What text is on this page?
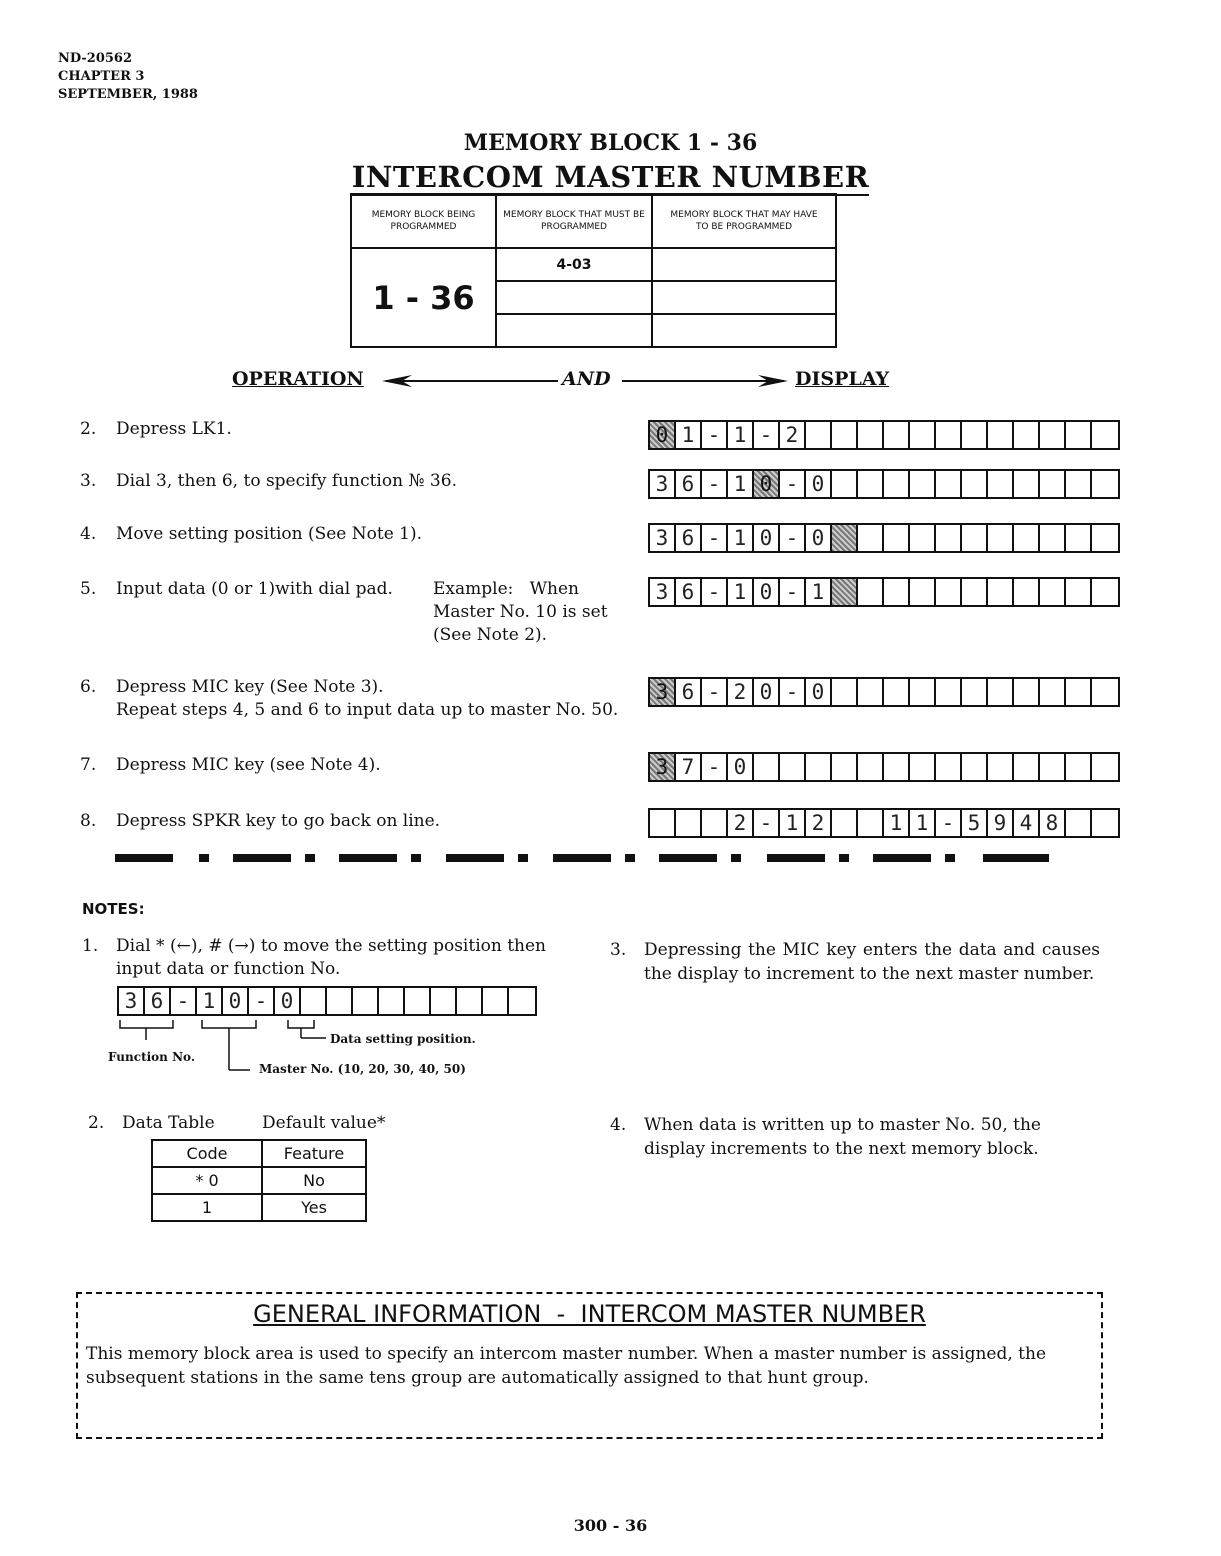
ND-20562
CHAPTER 3
SEPTEMBER, 1988
MEMORY BLOCK 1 - 36
INTERCOM MASTER NUMBER
MEMORY BLOCK BEING PROGRAMMED	MEMORY BLOCK THAT MUST BE PROGRAMMED	MEMORY BLOCK THAT MAY HAVE TO BE PROGRAMMED
1 - 36	4-03	

OPERATION	AND	DISPLAY
2. Depress LK1.
3. Dial 3, then 6, to specify function № 36.
4. Move setting position (See Note 1).
5. Input data (0 or 1)with dial pad. Example:   When
Master No. 10 is set
(See Note 2).
6. Depress MIC key (See Note 3).
Repeat steps 4, 5 and 6 to input data up to master No. 50.
7. Depress MIC key (see Note 4).
8. Depress SPKR key to go back on line.
0 1 - 1 - 2

3 6 - 1 0 - 0

3 6 - 1 0 - 0

3 6 - 1 0 - 1

3 6 - 2 0 - 0

3 7 - 0

2 - 1 2

	1 1 - 5 9 4 8

NOTES:
1.	Dial * (←), # (→) to move the setting position then input data or function No.
3 6 - 1 0 - 0

Data setting position.
Function No.
Master No. (10, 20, 30, 40, 50)
2. Data Table	Default value*
Code	Feature
* 0	No
1	Yes
3.	Depressing the MIC key enters the data and causes the display to increment to the next master number.
4.	When data is written up to master No. 50, the display increments to the next memory block.
GENERAL INFORMATION  -  INTERCOM MASTER NUMBER
This memory block area is used to specify an intercom master number. When a master number is assigned, the subsequent stations in the same tens group are automatically assigned to that hunt group.
300 - 36
